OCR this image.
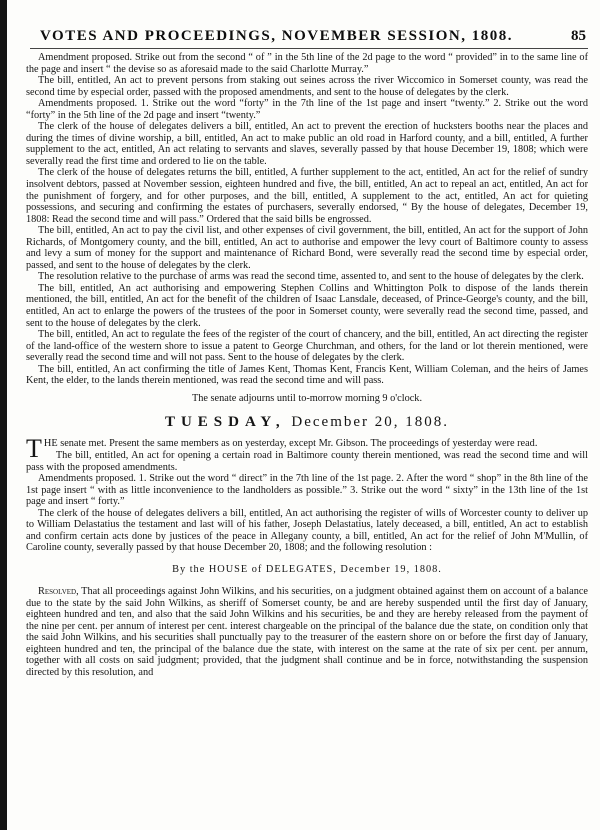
VOTES AND PROCEEDINGS, NOVEMBER SESSION, 1808.	85

Amendment proposed. Strike out from the second “ of ” in the 5th line of the 2d page to the word “ provided” in to the same line of the page and insert “ the devise so as aforesaid made to the said Charlotte Murray.”

The bill, entitled, An act to prevent persons from staking out seines across the river Wiccomico in Somerset county, was read the second time by especial order, passed with the proposed amendments, and sent to the house of delegates by the clerk.

Amendments proposed. 1. Strike out the word “forty” in the 7th line of the 1st page and insert “twenty.” 2. Strike out the word “forty” in the 5th line of the 2d page and insert “twenty.”

The clerk of the house of delegates delivers a bill, entitled, An act to prevent the erection of hucksters booths near the places and during the times of divine worship, a bill, entitled, An act to make public an old road in Harford county, and a bill, entitled, A further supplement to the act, entitled, An act relating to servants and slaves, severally passed by that house December 19, 1808; which were severally read the first time and ordered to lie on the table.

The clerk of the house of delegates returns the bill, entitled, A further supplement to the act, entitled, An act for the relief of sundry insolvent debtors, passed at November session, eighteen hundred and five, the bill, entitled, An act to repeal an act, entitled, An act for the punishment of forgery, and for other purposes, and the bill, entitled, A supplement to the act, entitled, An act for quieting possessions, and securing and confirming the estates of purchasers, severally endorsed, “ By the house of delegates, December 19, 1808: Read the second time and will pass.” Ordered that the said bills be engrossed.

The bill, entitled, An act to pay the civil list, and other expenses of civil government, the bill, entitled, An act for the support of John Richards, of Montgomery county, and the bill, entitled, An act to authorise and empower the levy court of Baltimore county to assess and levy a sum of money for the support and maintenance of Richard Bond, were severally read the second time by especial order, passed, and sent to the house of delegates by the clerk.

The resolution relative to the purchase of arms was read the second time, assented to, and sent to the house of delegates by the clerk.

The bill, entitled, An act authorising and empowering Stephen Collins and Whittington Polk to dispose of the lands therein mentioned, the bill, entitled, An act for the benefit of the children of Isaac Lansdale, deceased, of Prince-George's county, and the bill, entitled, An act to enlarge the powers of the trustees of the poor in Somerset county, were severally read the second time, passed, and sent to the house of delegates by the clerk.

The bill, entitled, An act to regulate the fees of the register of the court of chancery, and the bill, entitled, An act directing the register of the land-office of the western shore to issue a patent to George Churchman, and others, for the land or lot therein mentioned, were severally read the second time and will not pass. Sent to the house of delegates by the clerk.

The bill, entitled, An act confirming the title of James Kent, Thomas Kent, Francis Kent, William Coleman, and the heirs of James Kent, the elder, to the lands therein mentioned, was read the second time and will pass.

The senate adjourns until to-morrow morning 9 o'clock.

TUESDAY, December 20, 1808.

THE senate met. Present the same members as on yesterday, except Mr. Gibson. The proceedings of yesterday were read.

The bill, entitled, An act for opening a certain road in Baltimore county therein mentioned, was read the second time and will pass with the proposed amendments.

Amendments proposed. 1. Strike out the word “ direct” in the 7th line of the 1st page. 2. After the word “ shop” in the 8th line of the 1st page insert “ with as little inconvenience to the landholders as possible.” 3. Strike out the word “ sixty” in the 13th line of the 1st page and insert “ forty.”

The clerk of the house of delegates delivers a bill, entitled, An act authorising the register of wills of Worcester county to deliver up to William Delastatius the testament and last will of his father, Joseph Delastatius, lately deceased, a bill, entitled, An act to establish and confirm certain acts done by justices of the peace in Allegany county, a bill, entitled, An act for the relief of John M'Mullin, of Caroline county, severally passed by that house December 20, 1808; and the following resolution :

By the HOUSE of DELEGATES, December 19, 1808.

Resolved, That all proceedings against John Wilkins, and his securities, on a judgment obtained against them on account of a balance due to the state by the said John Wilkins, as sheriff of Somerset county, be and are hereby suspended until the first day of January, eighteen hundred and ten, and also that the said John Wilkins and his securities, be and they are hereby released from the payment of the nine per cent. per annum of interest per cent. interest chargeable on the principal of the balance due the state, on condition only that the said John Wilkins, and his securities shall punctually pay to the treasurer of the eastern shore on or before the first day of January, eighteen hundred and ten, the principal of the balance due the state, with interest on the same at the rate of six per cent. per annum, together with all costs on said judgment; provided, that the judgment shall continue and be in force, notwithstanding the suspension directed by this resolution, and
